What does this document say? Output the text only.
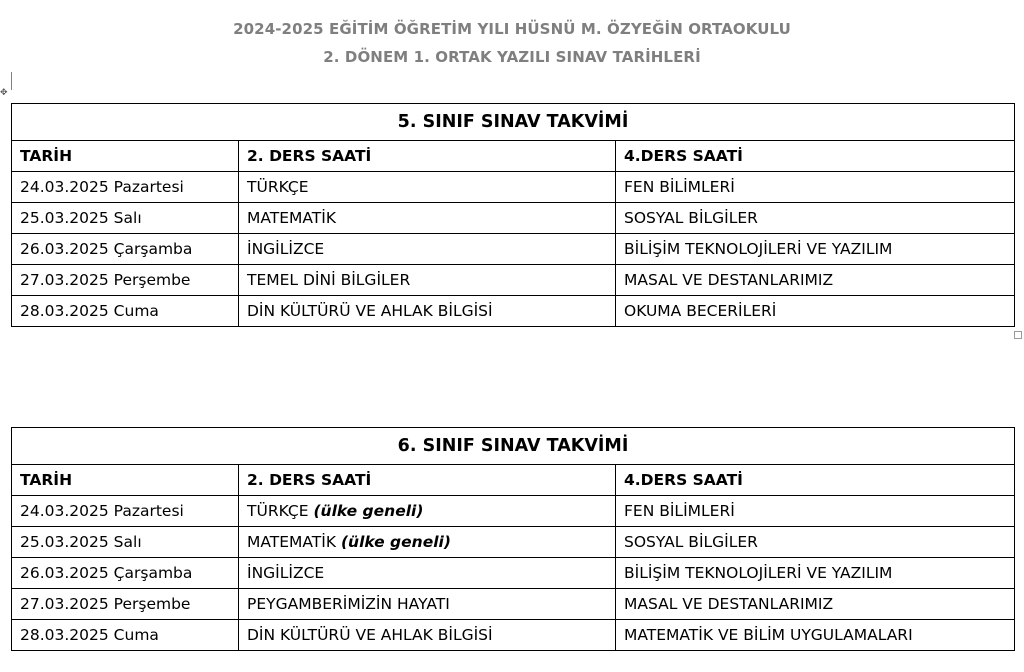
2024-2025 EĞİTİM ÖĞRETİM YILI HÜSNÜ M. ÖZYEĞİN ORTAOKULU
2. DÖNEM 1. ORTAK YAZILI SINAV TARİHLERİ
✥
5. SINIF SINAV TAKVİMİ		
TARİH	2. DERS SAATİ	4.DERS SAATİ
24.03.2025 Pazartesi	TÜRKÇE	FEN BİLİMLERİ
25.03.2025 Salı	MATEMATİK	SOSYAL BİLGİLER
26.03.2025 Çarşamba	İNGİLİZCE	BİLİŞİM TEKNOLOJİLERİ VE YAZILIM
27.03.2025 Perşembe	TEMEL DİNİ BİLGİLER	MASAL VE DESTANLARIMIZ
28.03.2025 Cuma	DİN KÜLTÜRÜ VE AHLAK BİLGİSİ	OKUMA BECERİLERİ
6. SINIF SINAV TAKVİMİ		
TARİH	2. DERS SAATİ	4.DERS SAATİ
24.03.2025 Pazartesi	TÜRKÇE (ülke geneli)	FEN BİLİMLERİ
25.03.2025 Salı	MATEMATİK (ülke geneli)	SOSYAL BİLGİLER
26.03.2025 Çarşamba	İNGİLİZCE	BİLİŞİM TEKNOLOJİLERİ VE YAZILIM
27.03.2025 Perşembe	PEYGAMBERİMİZİN HAYATI	MASAL VE DESTANLARIMIZ
28.03.2025 Cuma	DİN KÜLTÜRÜ VE AHLAK BİLGİSİ	MATEMATİK VE BİLİM UYGULAMALARI
